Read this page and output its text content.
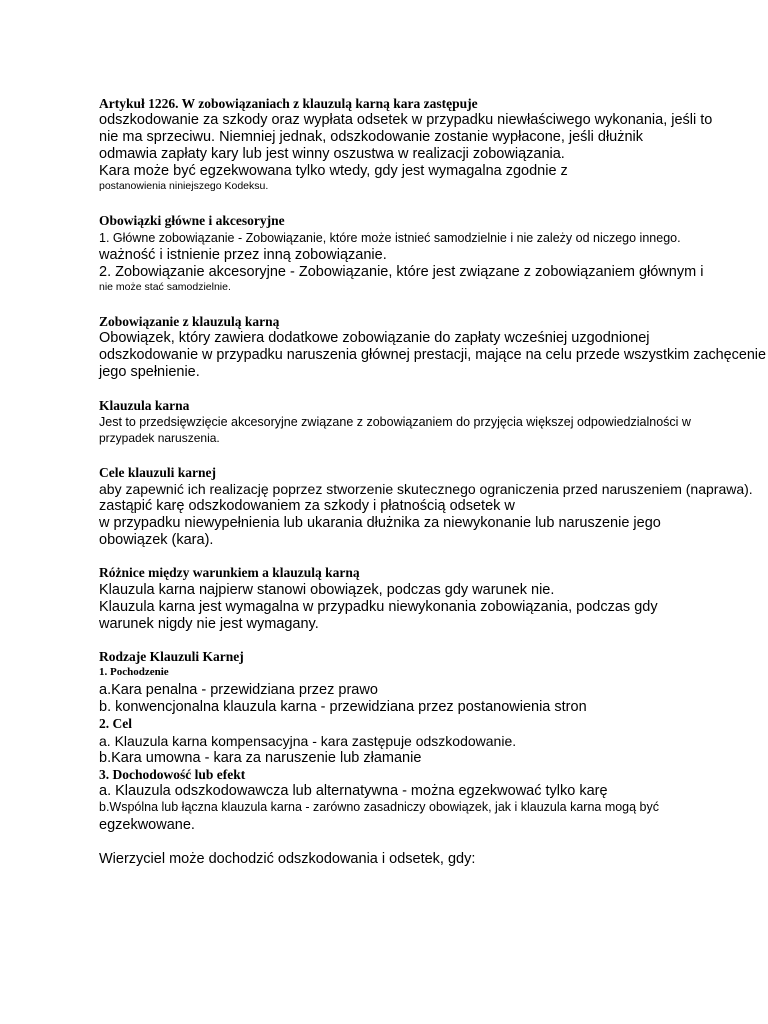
Artykuł 1226. W zobowiązaniach z klauzulą karną kara zastępuje

odszkodowanie za szkody oraz wypłata odsetek w przypadku niewłaściwego wykonania, jeśli to

nie ma sprzeciwu. Niemniej jednak, odszkodowanie zostanie wypłacone, jeśli dłużnik

odmawia zapłaty kary lub jest winny oszustwa w realizacji zobowiązania.

Kara może być egzekwowana tylko wtedy, gdy jest wymagalna zgodnie z

postanowienia niniejszego Kodeksu.

Obowiązki główne i akcesoryjne

1. Główne zobowiązanie - Zobowiązanie, które może istnieć samodzielnie i nie zależy od niczego innego.

ważność i istnienie przez inną zobowiązanie.

2. Zobowiązanie akcesoryjne - Zobowiązanie, które jest związane z zobowiązaniem głównym i

nie może stać samodzielnie.

Zobowiązanie z klauzulą karną

Obowiązek, który zawiera dodatkowe zobowiązanie do zapłaty wcześniej uzgodnionej

odszkodowanie w przypadku naruszenia głównej prestacji, mające na celu przede wszystkim zachęcenie

jego spełnienie.

Klauzula karna

Jest to przedsięwzięcie akcesoryjne związane z zobowiązaniem do przyjęcia większej odpowiedzialności w

przypadek naruszenia.

Cele klauzuli karnej

aby zapewnić ich realizację poprzez stworzenie skutecznego ograniczenia przed naruszeniem (naprawa).

zastąpić karę odszkodowaniem za szkody i płatnością odsetek w

w przypadku niewypełnienia lub ukarania dłużnika za niewykonanie lub naruszenie jego

obowiązek (kara).

Różnice między warunkiem a klauzulą karną

Klauzula karna najpierw stanowi obowiązek, podczas gdy warunek nie.

Klauzula karna jest wymagalna w przypadku niewykonania zobowiązania, podczas gdy

warunek nigdy nie jest wymagany.

Rodzaje Klauzuli Karnej
1. Pochodzenie

a.Kara penalna - przewidziana przez prawo

b. konwencjonalna klauzula karna - przewidziana przez postanowienia stron

2. Cel

a. Klauzula karna kompensacyjna - kara zastępuje odszkodowanie.

b.Kara umowna - kara za naruszenie lub złamanie

3. Dochodowość lub efekt

a. Klauzula odszkodowawcza lub alternatywna - można egzekwować tylko karę

b.Wspólna lub łączna klauzula karna - zarówno zasadniczy obowiązek, jak i klauzula karna mogą być

egzekwowane.

Wierzyciel może dochodzić odszkodowania i odsetek, gdy:
